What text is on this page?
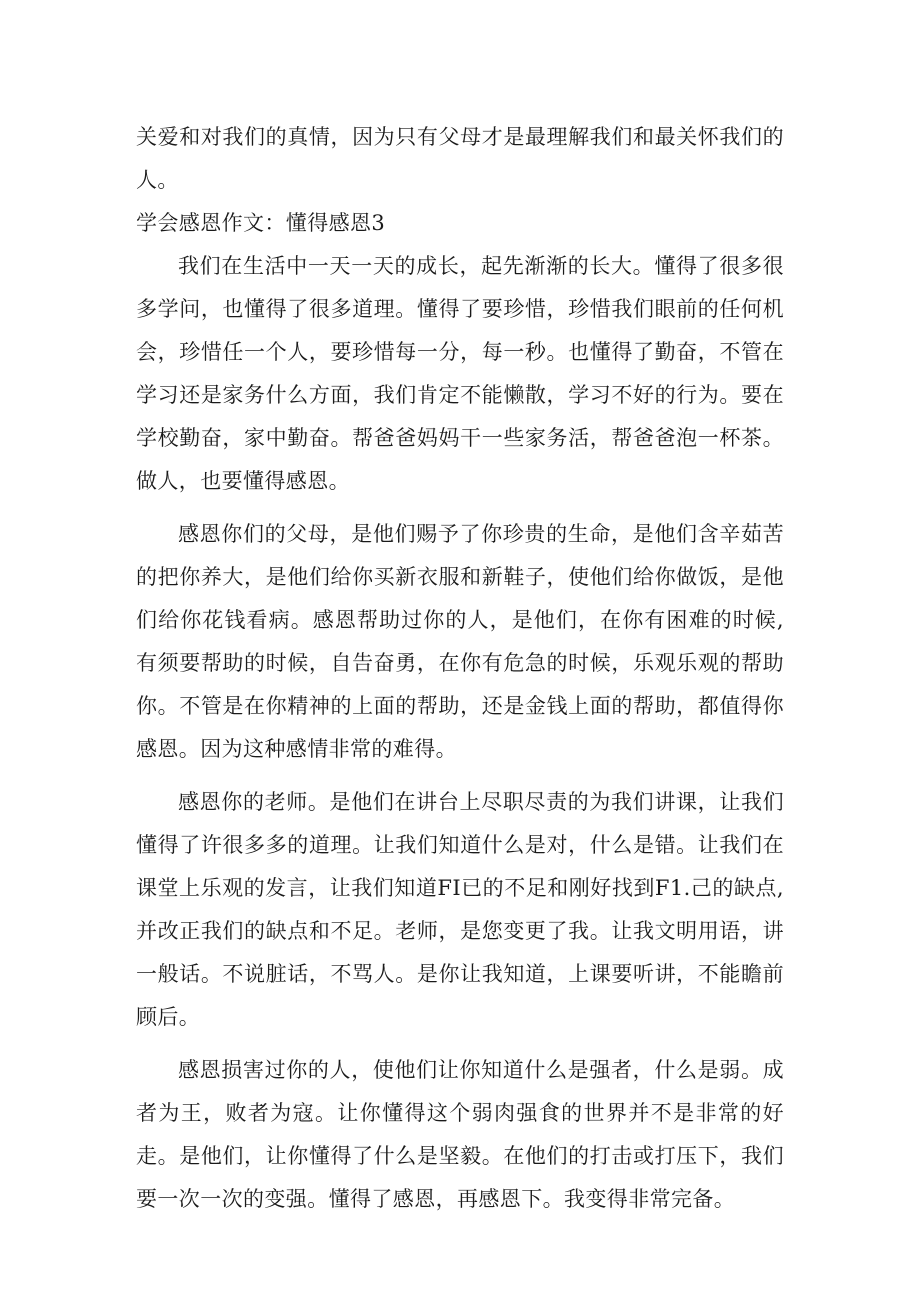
关爱和对我们的真情，因为只有父母才是最理解我们和最关怀我们的人。

学会感恩作文：懂得感恩3

我们在生活中一天一天的成长，起先渐渐的长大。懂得了很多很多学问，也懂得了很多道理。懂得了要珍惜，珍惜我们眼前的任何机会，珍惜任一个人，要珍惜每一分，每一秒。也懂得了勤奋，不管在学习还是家务什么方面，我们肯定不能懒散，学习不好的行为。要在学校勤奋，家中勤奋。帮爸爸妈妈干一些家务活，帮爸爸泡一杯茶。做人，也要懂得感恩。

感恩你们的父母，是他们赐予了你珍贵的生命，是他们含辛茹苦的把你养大，是他们给你买新衣服和新鞋子，使他们给你做饭，是他们给你花钱看病。感恩帮助过你的人，是他们，在你有困难的时候,有须要帮助的时候，自告奋勇，在你有危急的时候，乐观乐观的帮助你。不管是在你精神的上面的帮助，还是金钱上面的帮助，都值得你感恩。因为这种感情非常的难得。

感恩你的老师。是他们在讲台上尽职尽责的为我们讲课，让我们懂得了许很多多的道理。让我们知道什么是对，什么是错。让我们在课堂上乐观的发言，让我们知道FI已的不足和刚好找到F1.己的缺点,并改正我们的缺点和不足。老师，是您变更了我。让我文明用语，讲一般话。不说脏话，不骂人。是你让我知道，上课要听讲，不能瞻前顾后。

感恩损害过你的人，使他们让你知道什么是强者，什么是弱。成者为王，败者为寇。让你懂得这个弱肉强食的世界并不是非常的好走。是他们，让你懂得了什么是坚毅。在他们的打击或打压下，我们要一次一次的变强。懂得了感恩，再感恩下。我变得非常完备。
